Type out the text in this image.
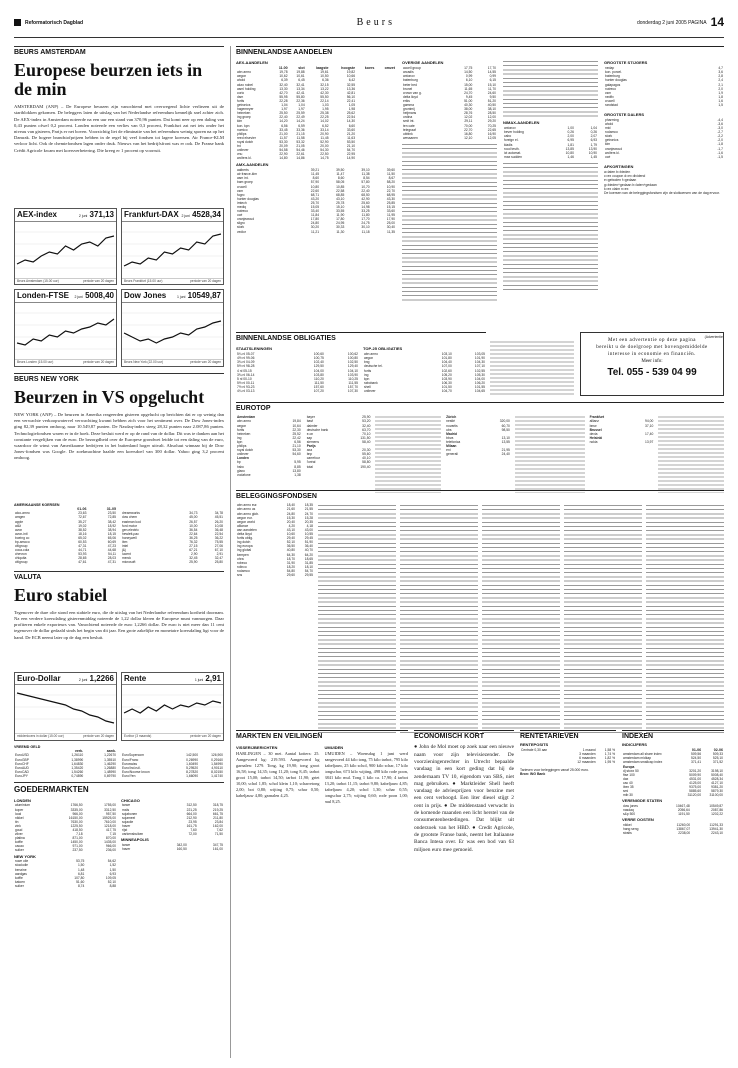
Reformatorisch Dagblad	Beurs	donderdag 2 juni 2005 PAGINA 14
BEURS AMSTERDAM
Europese beurzen iets in de min
AMSTERDAM (ANP) – De Europese beurzen zijn vanochtend met overwegend lichte verliezen uit de startblokken gekomen. De beleggers laten de uitslag van het Nederlandse referendum kennelijk snel achter zich. De AEX-index in Amsterdam noteerde na een uur een stand van 370,96 punten. Dat komt neer op een daling van 0,43 punten ofwel 0,2 procent. Londen noteerde een verlies van 0,3 procent, Frankfurt zat net iets onder het niveau van gisteren, Parijs er net boven. Voorzichtig liet de eliminatie van het referendum weinig sporen na op het Damrak. De hogere brandstofprijzen hebben in de regel bij veel fondsen tot lagere koersen. Air France-KLM verloor licht. Ook de chemiefondsen lagen onder druk. Nieuws van het bedrijfsfront was er ook. De Franse bank Crédit Agricole kwam met koersverbetering. Die kreeg er 1 procent op voorruit.
AEX-index	2 juni 371,13
Beurs Amsterdam (15.00 uur)	periode van 20 dagen
Frankfurt-DAX 2 juni 4528,34
Beurs Frankfurt (15.00 uur)	periode van 20 dagen
Londen-FTSE 2 juni 5008,40
Beurs Londen (15.00 uur)	periode van 20 dagen
Dow Jones	1 juni 10549,87
Beurs New York (22.00 uur)	periode van 20 dagen
BEURS NEW YORK
Beurzen in VS opgelucht
NEW YORK (ANP) – De beurzen in Amerika reageerden gisteren opgelucht op berichten dat er op weinig dan een verwachte verkoopwatervel verwachting kwamt hebben zich voor het sentiment over. De Dow Jones-index ging 82,39 punten omhoog, naar 10.549,87 punten. De Nasdaq-index steeg 28,32 punten naar 2.087,86 punten. Technologiefondsen waren er in de hoek. Deze besluit werd er op de rand van de dollar. Dit was te danken aan het constante vergelijken van de euro. De bezorgdheid over de Europese grondwet leidde tot een daling van de euro, waardoor de winst van Amerikaanse bedrijven in het buitenland hoger uitvalt. Absoluut winnaar bij de Dow Jones-fondsen was Google. De zoekmachine haalde een koersdoel van 300 dollar. Yahoo ging 3,2 procent omhoog.
AMERIKAANSE KOERSEN
	01-06	31-05
alco-amro	23,63	23,50
amgen	72,67	72,85
apple	35,27	38,42
at&t	19,02	18,92
avon	38,52	38,94
avon-intl	18,16	18,15
boeing co	65,02	65,06
bp-amoco	60,53	60,69
citigroup	47,31	47,23
coca-cola	44,71	44,68
chevron	53,93	54,11
chiquita	28,65	28,03
citigroup	47,61	47,31

dreamworks	34,73	34,78
dow chem	45,00	45,51
eastman kod	26,57	26,20
ford motor	10,00	10,08
gen.electric	36,54	36,48
hewlett-pac	22,64	22,54
honeywell	36,25	36,22
ibm	76,32	75,55
intel	27,15	27,06
j&j	67,21	67,10
lucent	2,90	2,91
merck	32,45	32,47
microsoft	25,90	25,80
VALUTA
Euro stabiel
Tegenover de dure olie stond een stabiele euro, die de uitslag van het Nederlandse referendum kortheid doornam. Na een verdere koersdaling gisterenmiddag noteerde de 1,22 dollar kleren de Europese munt vanmorgen. Daar profiteren enkele exporteurs van. Vanochtend noteerde de euro 1,2266 dollar. De euro is niet meer dan 11 cent tegenover de dollar gedaald sinds het begin van dit jaar. Een grote zakelijke en monetaire koersdaling ligt voor de hand. De ECB neemt later op de dag een besluit.
Euro-Dollar	2 juni 1,2266
middenkoers in dollar (15.00 uur)	periode van 20 dagen
Rente	1 juni 2,91
Euribor (3 maands)	periode van 20 dagen
VREEMD GELD
	verk.	aank.
EuroUSD	1,26110	1,22670
EuroGBP	1,38990	1,35510
EuroCHF	1,64830	1,46290
EuroAUD	1,35420	1,26880
EuroCAD	1,54260	1,48990
EuroJPY	0,74890	0,69790

EuroSupercom	142,500	126,900
Euro/Franc	0,26990	0,29160
Euroswiss	1,60490	1,54990
Euro/Ind.ruil.	5,29520	4,90110
Euro/Noorse kroon	8,27820	8,02150
Euro/Yen	1,66090	1,41740
GOEDERMARKTEN
LONDEN
aluminium	1766,50	1755,00
koper	3335,00	3312,50
lood	966,00	957,50
nikkel	16150,00	15925,00
tin	7630,00	7610,00
zink	1225,50	1218,00
goud	418,50	417,75
zilver	7,18	7,15
platina	871,00	870,00
koffie	1450,00	1435,00
cacao	971,00	966,00
suiker	237,50	236,00
NEW YORK
ruwe olie	53,75	54,62
stookolie	1,50	1,52
benzine	1,48	1,50
aardgas	6,81	6,93
koffie	107,80	109,05
katoen	51,60	52,10
suiker	8,74	8,88
CHICAGO
tarwe	312,50	318,75
maïs	221,25	219,25
sojabonen	664,00	661,75
sojameel	212,90	211,80
sojaolie	23,95	23,84
haver	161,75	162,00
rijst	7,60	7,62
varkensbuiken	72,00	71,50
MINNEAPOLIS
tarwe	342,00	347,75
haver	160,50	161,00
BINNENLANDSE AANDELEN
AEX-AANDELEN
	11.00	slot	laagste	hoogste	koers	omzet
abn amro	19,78	19,88	19,61	19,82		
aegon	10,62	10,61	10,50	10,66		
ahold	6,39	6,45	6,36	6,42		
akzo nobel	32,40	32,41	32,15	32,55		
asml holding	13,30	13,34	13,22	13,36		
corio	42,70	42,41	42,30	42,81		
dsm	55,95	55,80	55,50	56,10		
fortis	22,28	22,36	22,14	22,41		
getronics	1,04	1,04	1,03	1,05		
hagemeyer	1,97	1,97	1,95	1,98		
heineken	25,50	25,59	25,38	25,62		
ing groep	22,40	22,49	22,25	22,54		
klm	14,20	14,24	14,02	14,30		
kon. kpn	6,56	6,59	6,52	6,60		
numico	33,45	33,36	33,14	33,60		
philips	21,00	21,15	20,90	21,20		
reed elsevier	11,57	11,58	11,45	11,63		
royal dutch	53,30	53,32	52,90	53,50		
tnt	20,09	21,05	20,00	21,10		
unilever	54,58	54,46	54,30	54,70		
vnu	22,90	22,61	22,50	22,95		
wolters kl.	14,80	14,86	14,75	14,90		
AMX-AANDELEN
aalberts	39,21	39,50	39,10	39,60
air france-klm	11,45	11,47	11,38	11,50
asm int.	8,60	8,60	8,54	8,67
bam groep	57,90	58,05	57,80	58,20
crucell	10,80	10,85	10,70	10,90
csm	22,60	22,58	22,40	22,70
fugro	68,71	68,85	68,50	68,95
hunter douglas	43,20	43,10	42,90	43,30
imtech	25,70	25,78	25,60	25,85
mediq	15,05	15,10	14,98	15,15
nutreco	33,40	33,55	33,25	33,60
océ	11,84	11,90	11,80	11,95
oranjewoud	17,80	17,80	17,70	17,90
sligro	24,80	24,95	24,75	25,00
stork	30,20	30,33	30,10	30,40
vedior	11,21	11,30	11,18	11,35
OVERIGE AANDELEN
accell group	17,75	17,70
arcadis	14,50	14,55
antonov	0,99	0,99
batenburg	6,10	6,15
beter bed	15,00	15,10
brunel	11,65	11,70
crown van g.	24,70	24,60
delta lloyd	9,45	9,50
eriks	51,00	51,20
gamma	40,30	40,50
grontmij	38,00	38,10
heijmans	28,76	28,50
ordina	12,02	12,00
smit int.	29,11	29,20
ten cate	70,00	70,25
telegraaf	22,70	22,65
ubbink	16,80	16,90
wessanen	12,10	12,05
NIMAX-AANDELEN
antonov	1,00	1,04
bever holding	0,26	0,26
cabo	2,00	2,07
foreign el.	6,95	6,93
kiadis	1,81	1,79
rood testh.	13,85	13,90
ict automat.	10,80	10,90
max sudden	1,46	1,45
GROOTSTE STIJGERS
nedap	4,7
kon. porcel.	3,6
batenburg	2,8
hunter douglas	2,4
galapagos	2,1
nutreco	2,0
csm	1,9
nedfix	1,8
crucell	1,6
randstad	1,5
GROOTSTE DALERS
pharming	-4,4
ahold	-3,6
mtd	-3,0
rodamco	-2,7
stork	-2,2
getronics	-2,0
klm	-1,8
oranjewoud	-1,7
wolters kl.	-1,6
océ	-1,5
AFKORTINGEN
a=laten b=bieden
c=ex coupon d=ex dividend
e=geboden f=gedaan
g=bieden+gedaan h=laten+gedaan
k=ex claim n=ex
De koersen van de beleggingsfondsen zijn de slotkoersen van de dag ervoor.
(Advertentie)
BINNENLANDSE OBLIGATIES
STAATSLENINGEN
5¼ nl 05-07	100,60	100,62
4½ nl 99-06	100,75	100,80
3¾ nl 04-09	102,40	102,50
5½ nl 98-28	129,50	129,40
4 nl 05-15	104,00	104,10
3¾ nl 06-14	103,80	103,90
5 nl 00-10	110,20	110,25
5½ nl 00-11	111,50	111,55
7½ nl 93-23	157,60	157,70
4¼ nl 03-13	107,20	107,30
TOP-25 OBLIGATIES
abn amro	103,10	103,05
aegon	101,80	101,90
bng	104,40	104,30
deutsche tel.	107,00	107,10
fortis	102,60	102,55
ing	105,20	105,30
kpn	103,90	104,00
rabobank	106,30	106,20
shell	101,50	101,55
unilever	104,70	104,65
Met een advertentie op deze pagina
bereikt u de doelgroep met bovengemiddelde
interesse in economie en financiën.
Meer info:
Tel. 055 - 539 04 99
EUROTOP
Amsterdam	
abn amro	19,84
aegon	10,64
fortis	22,30
heineken	25,52
ing	22,42
kpn	6,56
philips	21,10
royal dutch	53,30
unilever	54,60
Londen	
bp	5,95
hsbc	8,85
glaxo	13,80
vodafone	1,38
bayer	25,90
basf	53,20
daimler	32,40
deutsche bank	63,70
e.on	70,10
sap	131,50
siemens	58,40
Parijs	
axa	20,30
bnp	55,60
carrefour	40,10
l'oréal	58,80
total	190,40
Zürich	
nestlé	320,00
novartis	60,70
ubs	98,50
Madrid	
bbva	13,10
telefonica	13,55
Milaan	
eni	21,95
generali	24,40
Frankfurt	
allianz	94,00
bmw	37,10
Brussel	
dexia	17,40
Helsinki	
nokia	13,97
BELEGGINGSFONDSEN
abn amro eur.	18,40	18,35
abn amro us	21,60	21,55
abn amro glob.	24,80	24,70
aegon eur.	15,30	15,28
aegon world	20,40	20,35
alliance	4,20	4,18
asn aandelen	43,10	43,00
delta lloyd	10,60	10,55
fortis oblig.	29,40	29,45
ing dutch	52,10	51,90
ing europa	36,50	36,40
ing global	40,80	40,70
kempen	64,30	64,20
ohra	18,70	18,65
robeco	31,90	31,85
rolinco	18,20	18,10
rodamco	54,80	54,70
sns	29,60	29,55
MARKTEN EN VEILINGEN
VISSERIJBERICHTEN
HARLINGEN – 30 mei. Aantal kotters: 25. Aangevoerd kg: 219.593. Aangevoerd kg garnalen: 1279. Tong, kg 19,90; tong groot 16,58; tong 14,35; tong 11,20; tong 8,45; tarbot groot 15,00; tarbot 14,50; tarbot 11,90; griet 10,00; schol 1,85; schol klein 1,10; scharretong 2,00; bot 0,80; wijting 0,75; schar 0,50; kabeljauw 4,80; garnalen 4,25.
UMUIDEN
UMUIDEN – Woensdag 1 juni werd aangevoerd 44 kilo tong, 75 kilo tarbot, 795 kilo kabeljauw, 25 kilo schol, 900 kilo schar, 17 kilo tongschar, 673 kilo wijting, 498 kilo rode poon, 3841 kilo mul. Tong 1 kilo ca. 17,90; 4 tarbot 13,20; tarbot 11,15; tarbot 9,80; kabeljauw 4,85; kabeljauw 4,20; schol 1,30; schar 0,55; tongschar 2,75; wijting 0,60; rode poon 1,00; mul 8,25.
ECONOMISCH KORT
● John de Mol moet op zoek naar een nieuwe naam voor zijn televisiezender. De voorzieningenrechter in Utrecht bepaalde vandaag in een kort geding dat hij de zendernaam TV 10, eigendom van SBS, niet mag gebruiken. ● Marktleider Shell heeft vandaag de adviesprijzen voor benzine met een cent verhoogd. Een liter diesel stijgt 2 cent in prijs. ● De middenstand verwacht in de komende maanden een licht herstel van de consumentenbestedingen. Dat blijkt uit onderzoek van het HBD. ● Credit Agricole, de grootste Franse bank, neemt het Italiaanse Banca Intesa over. Er was een bod van 63 miljoen euro mee gemoeid.
RENTETARIEVEN
RENTEPOSITS
Centrale 0,30 aan	1 maand	1,58 %
	3 maanden	1,74 %
	6 maanden	1,82 %
	12 maanden	1,95 %
Tarieven voor beleggingen vanaf 25.000 euro.
Bron: ING Bank
INDEXEN
INDICIJFERS
	01-06	02-06
amsterdam all share index	509,56	509,33
amsterdam midkap	524,50	525,10
amsterdam smallcap index	371,41	371,52
Europa		
dj stoxx 50	3201,20	3198,10
ftse 100	5009,90	5008,40
dax	4531,00	4528,34
cac 40	4125,00	4127,10
ibex 35	9375,00	9381,20
smi	5885,60	5879,30
mib 30	31120,00	31100,00
VERENIGDE STATEN
dow jones	10467,48	10549,87
nasdaq	2056,64	2087,86
s&p 500	1191,50	1202,22
VERRE OOSTEN
nikkei	11260,00	11291,33
hang seng	13867,07	13941,30
straits	2238,00	2243,10
